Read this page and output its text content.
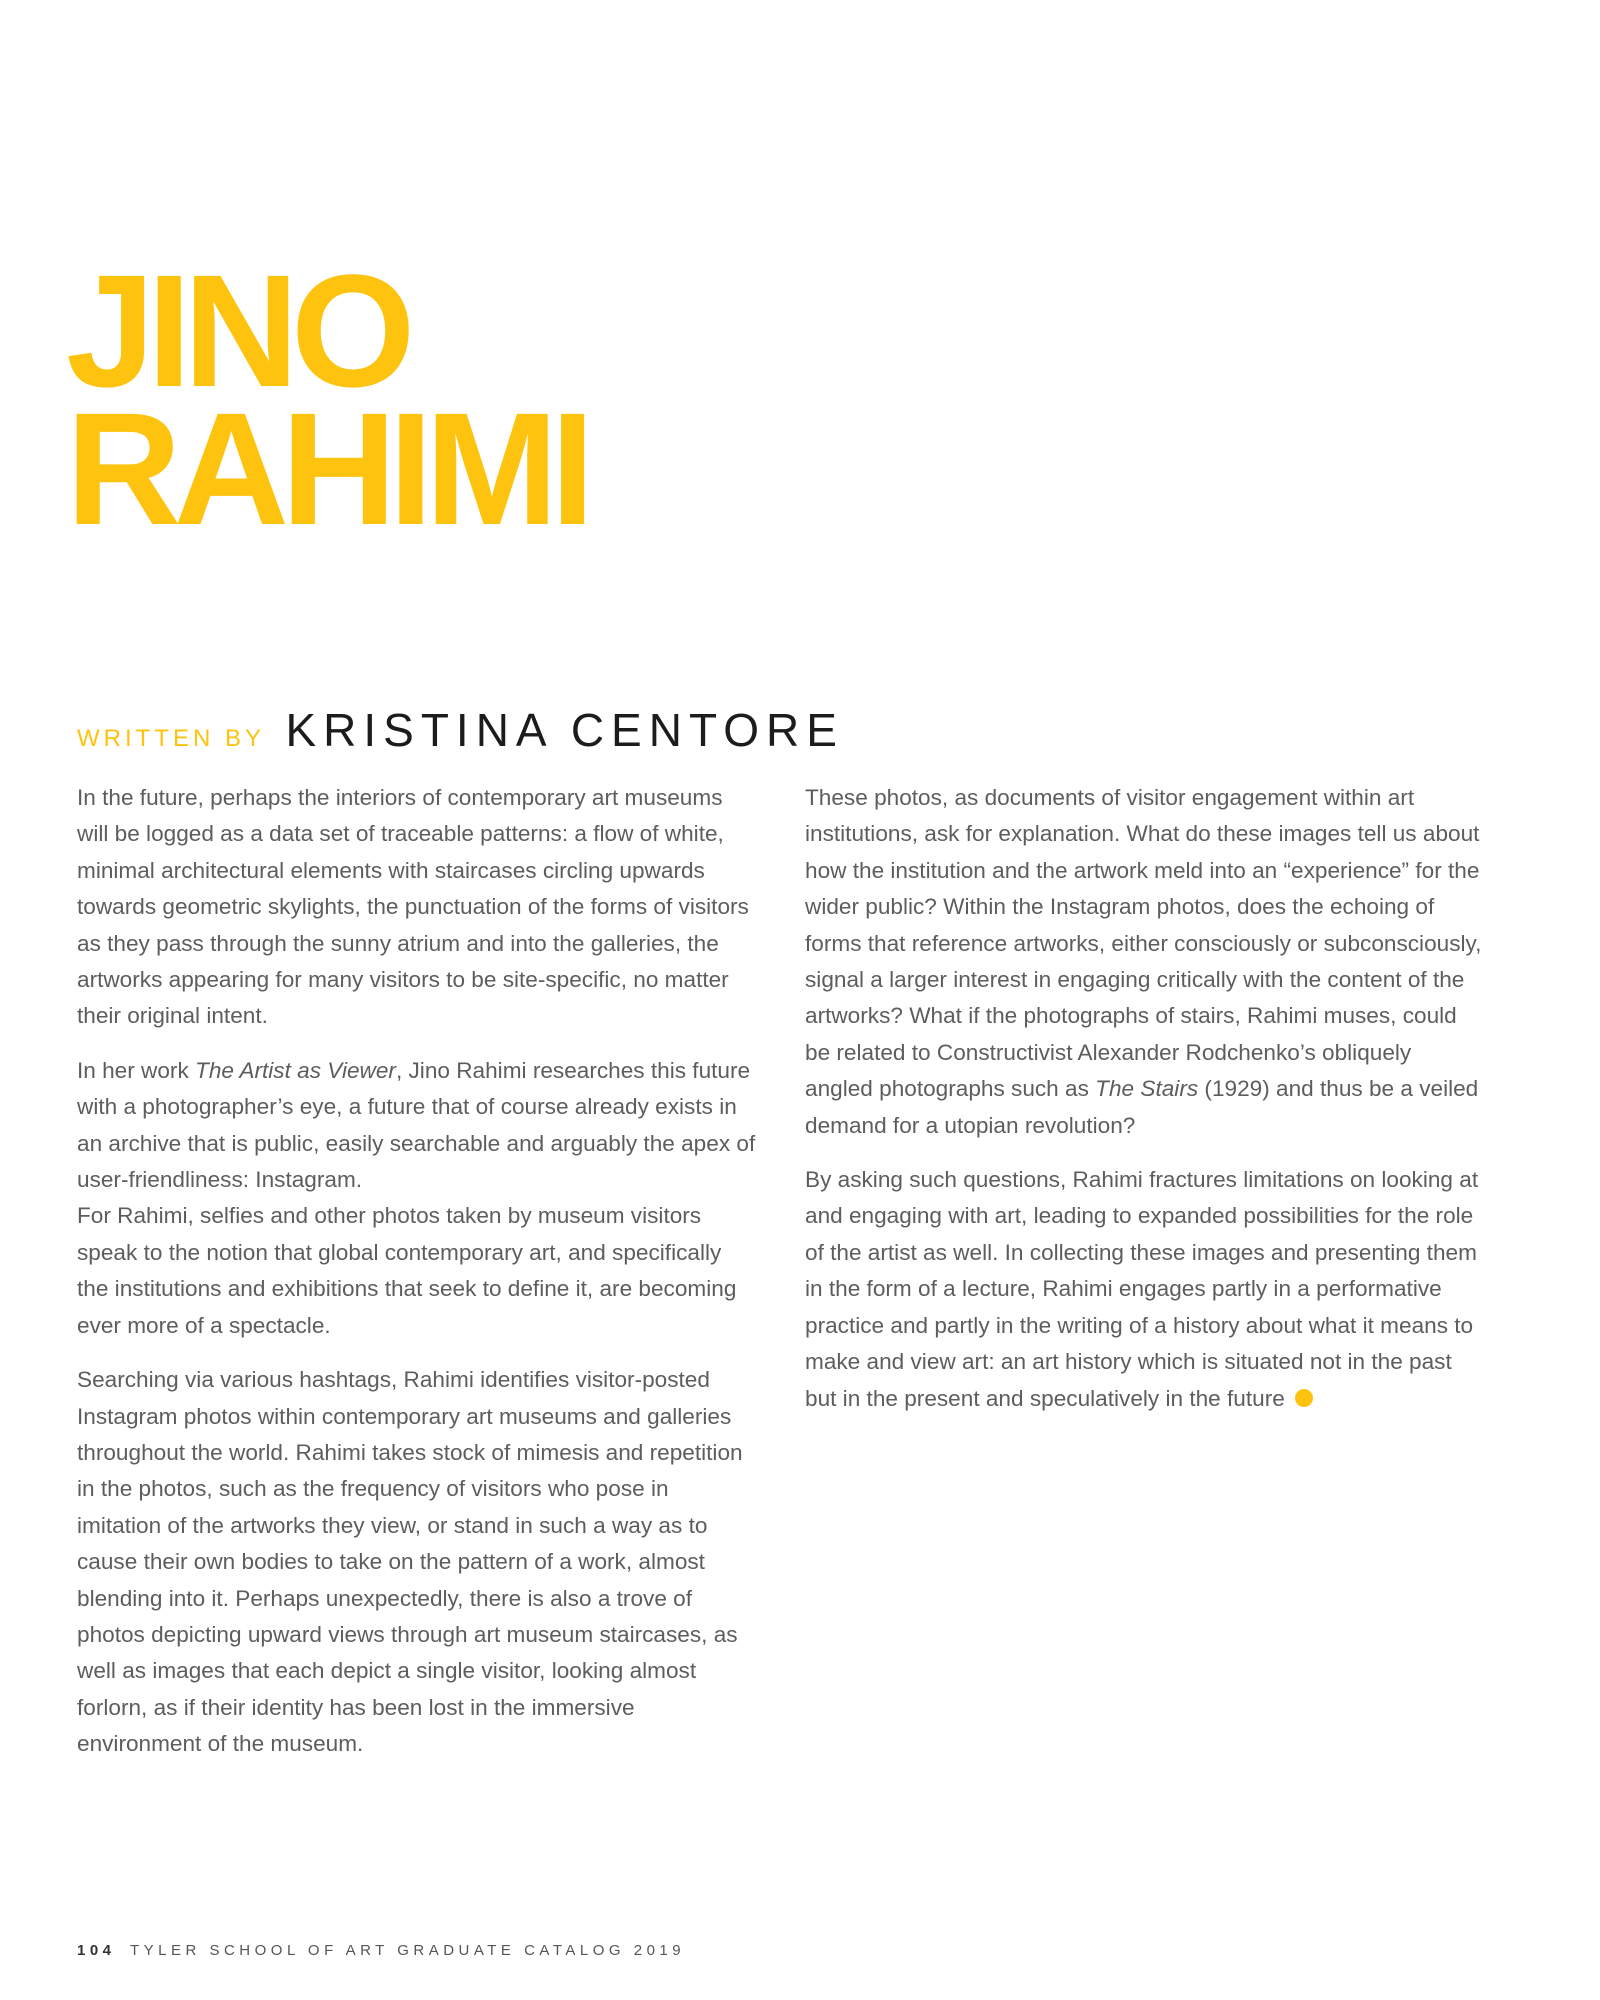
JINO
RAHIMI
WRITTEN BY KRISTINA CENTORE

In the future, perhaps the interiors of contemporary art museums will be logged as a data set of traceable patterns: a flow of white, minimal architectural elements with staircases circling upwards towards geometric skylights, the punctuation of the forms of visitors as they pass through the sunny atrium and into the galleries, the artworks appearing for many visitors to be site-specific, no matter their original intent.

In her work The Artist as Viewer, Jino Rahimi researches this future with a photographer’s eye, a future that of course already exists in an archive that is public, easily searchable and arguably the apex of user-friendliness: Instagram.
For Rahimi, selfies and other photos taken by museum visitors speak to the notion that global contemporary art, and specifically the institutions and exhibitions that seek to define it, are becoming ever more of a spectacle.

Searching via various hashtags, Rahimi identifies visitor-posted Instagram photos within contemporary art museums and galleries throughout the world. Rahimi takes stock of mimesis and repetition in the photos, such as the frequency of visitors who pose in imitation of the artworks they view, or stand in such a way as to cause their own bodies to take on the pattern of a work, almost blending into it. Perhaps unexpectedly, there is also a trove of photos depicting upward views through art museum staircases, as well as images that each depict a single visitor, looking almost forlorn, as if their identity has been lost in the immersive environment of the museum.

These photos, as documents of visitor engagement within art institutions, ask for explanation. What do these images tell us about how the institution and the artwork meld into an “experience” for the wider public? Within the Instagram photos, does the echoing of forms that reference artworks, either consciously or subconsciously, signal a larger interest in engaging critically with the content of the artworks? What if the photographs of stairs, Rahimi muses, could be related to Constructivist Alexander Rodchenko’s obliquely angled photographs such as The Stairs (1929) and thus be a veiled demand for a utopian revolution?

By asking such questions, Rahimi fractures limitations on looking at and engaging with art, leading to expanded possibilities for the role of the artist as well. In collecting these images and presenting them in the form of a lecture, Rahimi engages partly in a performative practice and partly in the writing of a history about what it means to make and view art: an art history which is situated not in the past but in the present and speculatively in the future

104 TYLER SCHOOL OF ART GRADUATE CATALOG 2019
